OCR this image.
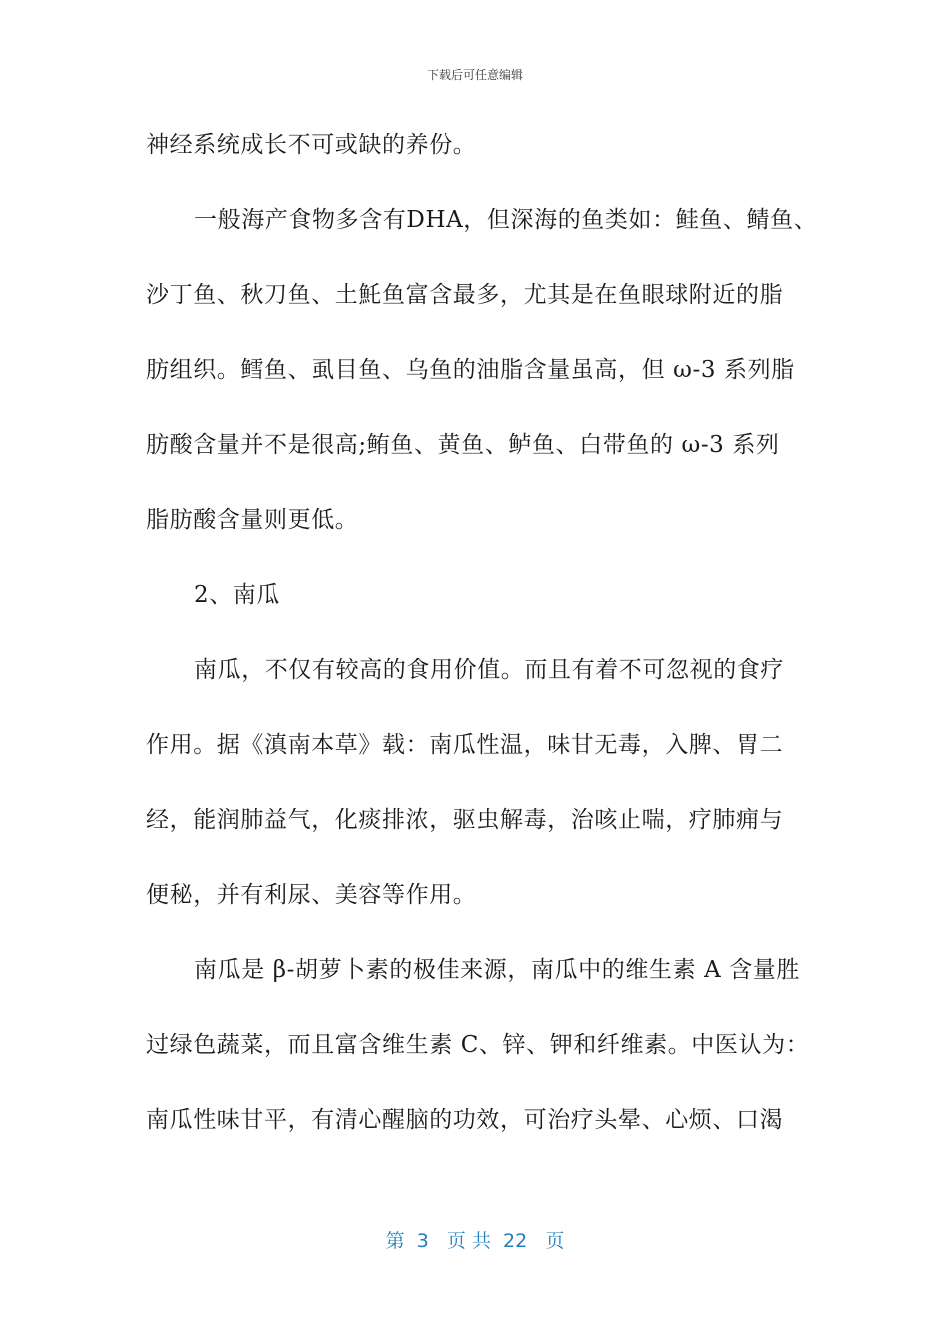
下载后可任意编辑
神经系统成长不可或缺的养份。
一般海产食物多含有DHA，但深海的鱼类如：鲑鱼、鲭鱼、
沙丁鱼、秋刀鱼、土魠鱼富含最多，尤其是在鱼眼球附近的脂
肪组织。鳕鱼、虱目鱼、乌鱼的油脂含量虽高，但 ω-3 系列脂
肪酸含量并不是很高;鲔鱼、黄鱼、鲈鱼、白带鱼的 ω-3 系列
脂肪酸含量则更低。
2、南瓜
南瓜，不仅有较高的食用价值。而且有着不可忽视的食疗
作用。据《滇南本草》载：南瓜性温，味甘无毒，入脾、胃二
经，能润肺益气，化痰排浓，驱虫解毒，治咳止喘，疗肺痈与
便秘，并有利尿、美容等作用。
南瓜是 β-胡萝卜素的极佳来源，南瓜中的维生素 A 含量胜
过绿色蔬菜，而且富含维生素 C、锌、钾和纤维素。中医认为：
南瓜性味甘平，有清心醒脑的功效，可治疗头晕、心烦、口渴
第  3   页 共  22   页
